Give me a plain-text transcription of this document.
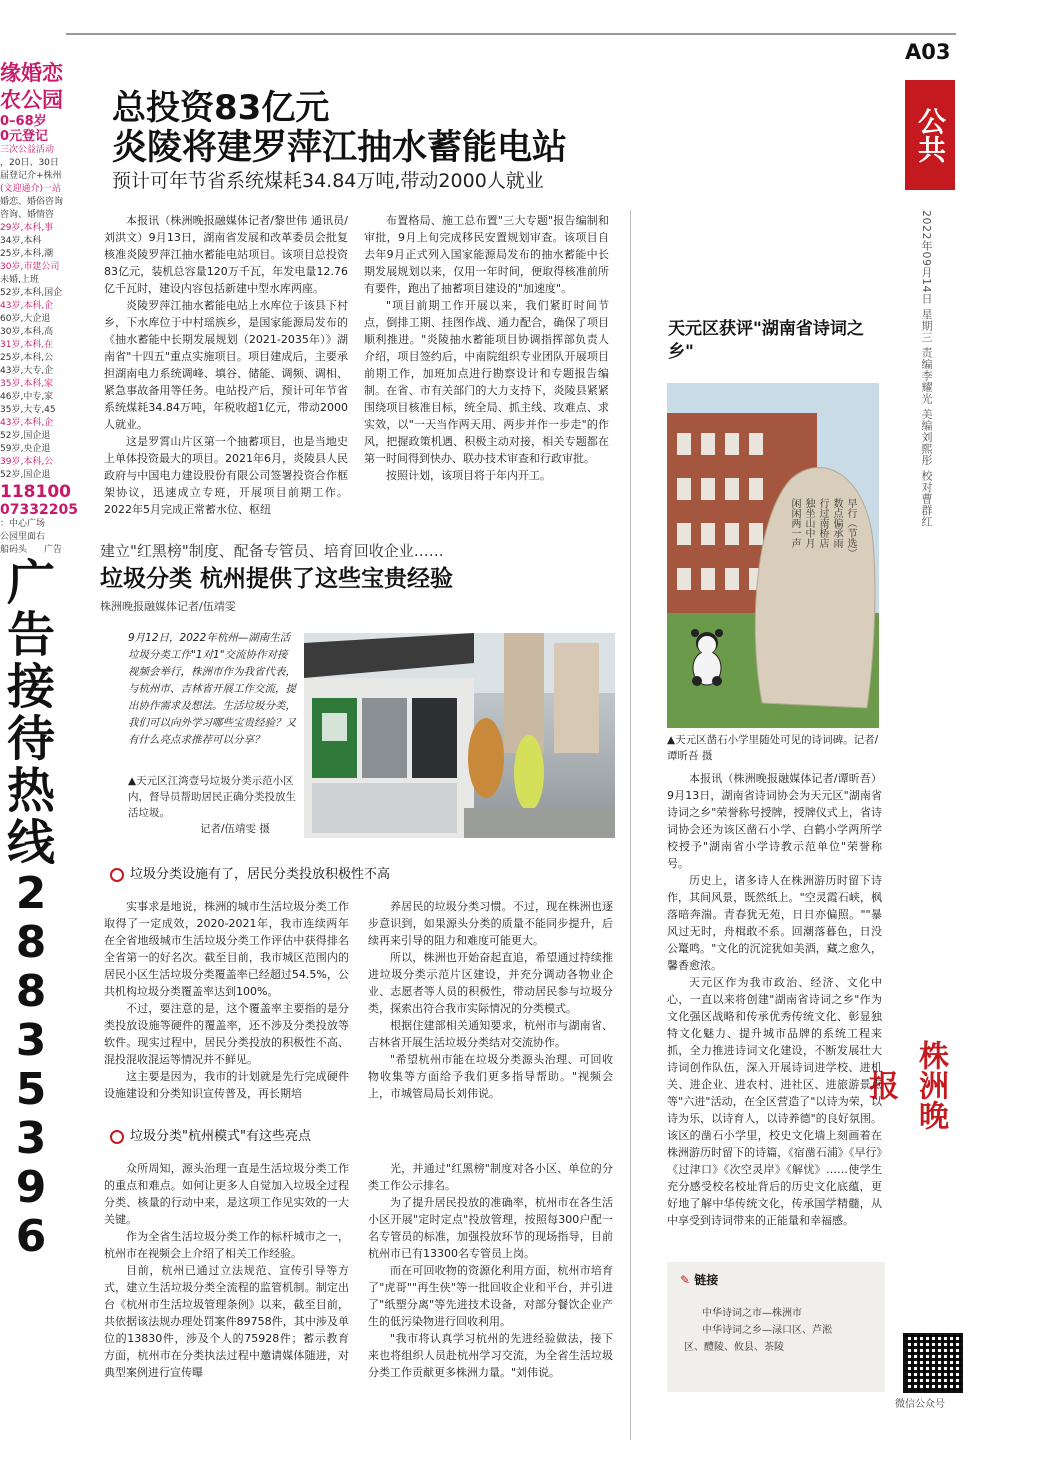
缘婚恋
农公园
0–68岁
0元登记
三次公益活动
，20日、30日
届登记介+株州
(文迎通介)一站
婚恋、婚俗咨询
咨询、婚情咨
29岁,本科,事
34岁,本科
25岁,本科,潮
30岁,市建公司
未婚,上班
52岁,本科,国企
43岁,本科,企
60岁,大企退
30岁,本科,高
31岁,本科,在
25岁,本科,公
43岁,大专,企
35岁,本科,家
46岁,中专,家
35岁,大专,45
43岁,本科,企
52岁,国企退
59岁,央企退
39岁,本科,公
52岁,国企退
118100
07332205
：中心广场
公园里面右
船码头 广告
广
告
接
待
热
线
2
8
8
3
5
3
9
6
A03
公共
2022年09月14日 星期三 责编李耀光 美编刘熙彤 校对曹群红
株洲晚报
微信公众号
总投资83亿元
炎陵将建罗萍江抽水蓄能电站
预计可年节省系统煤耗34.84万吨,带动2000人就业

本报讯（株洲晚报融媒体记者/黎世伟 通讯员/刘洪文）9月13日，湖南省发展和改革委员会批复核准炎陵罗萍江抽水蓄能电站项目。该项目总投资83亿元，装机总容量120万千瓦，年发电量12.76亿千瓦时，建设内容包括新建中型水库两座。

炎陵罗萍江抽水蓄能电站上水库位于该县下村乡，下水库位于中村瑶族乡，是国家能源局发布的《抽水蓄能中长期发展规划（2021-2035年）》湖南省"十四五"重点实施项目。项目建成后，主要承担湖南电力系统调峰、填谷、储能、调频、调相、紧急事故备用等任务。电站投产后，预计可年节省系统煤耗34.84万吨，年税收超1亿元，带动2000人就业。

这是罗霄山片区第一个抽蓄项目，也是当地史上单体投资最大的项目。2021年6月，炎陵县人民政府与中国电力建设股份有限公司签署投资合作框架协议，迅速成立专班，开展项目前期工作。2022年5月完成正常蓄水位、枢纽

布置格局、施工总布置"三大专题"报告编制和审批，9月上旬完成移民安置规划审查。该项目自去年9月正式列入国家能源局发布的抽水蓄能中长期发展规划以来，仅用一年时间，便取得核准前所有要件，跑出了抽蓄项目建设的"加速度"。

"项目前期工作开展以来，我们紧盯时间节点，倒排工期、挂图作战、通力配合，确保了项目顺利推进。"炎陵抽水蓄能项目协调指挥部负责人介绍，项目签约后，中南院组织专业团队开展项目前期工作，加班加点进行勘察设计和专题报告编制。在省、市有关部门的大力支持下，炎陵县紧紧围绕项目核准目标，统全局、抓主线、攻难点、求实效，以"一天当作两天用、两步并作一步走"的作风，把握政策机遇、积极主动对接，相关专题都在第一时间得到快办、联办技术审查和行政审批。

按照计划，该项目将于年内开工。

建立"红黑榜"制度、配备专管员、培育回收企业……
垃圾分类 杭州提供了这些宝贵经验
株洲晚报融媒体记者/伍靖雯
9月12日，2022年杭州—湖南生活垃圾分类工作"1对1"交流协作对接视频会举行，株洲市作为我省代表，与杭州市、吉林省开展工作交流，提出协作需求及想法。生活垃圾分类，我们可以向外学习哪些宝贵经验？又有什么亮点求推荐可以分享？
▲天元区江湾壹号垃圾分类示范小区内，督导员帮助居民正确分类投放生活垃圾。
记者/伍靖雯 摄
垃圾分类设施有了，居民分类投放积极性不高

实事求是地说，株洲的城市生活垃圾分类工作取得了一定成效，2020-2021年，我市连续两年在全省地级城市生活垃圾分类工作评估中获得排名全省第一的好名次。截至目前，我市城区范围内的居民小区生活垃圾分类覆盖率已经超过54.5%，公共机构垃圾分类覆盖率达到100%。

不过，要注意的是，这个覆盖率主要指的是分类投放设施等硬件的覆盖率，还不涉及分类投放等软件。现实过程中，居民分类投放的积极性不高、混投混收混运等情况并不鲜见。

这主要是因为，我市的计划就是先行完成硬件设施建设和分类知识宣传普及，再长期培

养居民的垃圾分类习惯。不过，现在株洲也逐步意识到，如果源头分类的质量不能同步提升，后续再来引导的阻力和难度可能更大。

所以，株洲也开始奋起直追，希望通过持续推进垃圾分类示范片区建设，并充分调动各物业企业、志愿者等人员的积极性，带动居民参与垃圾分类，探索出符合我市实际情况的分类模式。

根据住建部相关通知要求，杭州市与湖南省、吉林省开展生活垃圾分类结对交流协作。

"希望杭州市能在垃圾分类源头治理、可回收物收集等方面给予我们更多指导帮助。"视频会上，市城管局局长刘伟说。

垃圾分类"杭州模式"有这些亮点

众所周知，源头治理一直是生活垃圾分类工作的重点和难点。如何让更多人自觉加入垃圾全过程分类、核量的行动中来，是这项工作见实效的一大关键。

作为全省生活垃圾分类工作的标杆城市之一，杭州市在视频会上介绍了相关工作经验。

目前，杭州已通过立法规范、宣传引导等方式，建立生活垃圾分类全流程的监管机制。制定出台《杭州市生活垃圾管理条例》以来，截至目前，共依据该法规办理处罚案件89758件，其中涉及单位的13830件，涉及个人的75928件；蓄示教育方面，杭州市在分类执法过程中邀请媒体随进，对典型案例进行宣传曝

光，并通过"红黑榜"制度对各小区、单位的分类工作公示排名。

为了提升居民投放的准确率，杭州市在各生活小区开展"定时定点"投放管理，按照每300户配一名专管员的标准，加强投放环节的现场指导，目前杭州市已有13300名专管员上岗。

而在可回收物的资源化利用方面，杭州市培育了"虎哥""再生侠"等一批回收企业和平台，并引进了"纸塑分离"等先进技术设备，对部分餐饮企业产生的低污染物进行回收利用。

"我市将认真学习杭州的先进经验做法，接下来也将组织人员赴杭州学习交流，为全省生活垃圾分类工作贡献更多株洲力量。"刘伟说。

天元区获评"湖南省诗词之乡"
早行（节选）
数点偏承雨
行过南桥店
独坐山中月
闲闲两一声
▲天元区凿石小学里随处可见的诗词碑。记者/谭昕吾 摄

本报讯（株洲晚报融媒体记者/谭昕吾）9月13日，湖南省诗词协会为天元区"湖南省诗词之乡"荣誉称号授牌，授牌仪式上，省诗词协会还为该区凿石小学、白鹤小学两所学校授予"湖南省小学诗教示范单位"荣誉称号。

历史上，诸多诗人在株洲游历时留下诗作，其间风景，既然纸上。"空灵霞石峡，枫落暗奔湍。青春犹无苑，日日亦偏照。""暴风过无时，舟楫敢不系。回潮落暮色，日没公鼍鸣。"文化的沉淀犹如美酒，藏之愈久，馨香愈浓。

天元区作为我市政治、经济、文化中心，一直以来将创建"湖南省诗词之乡"作为文化强区战略和传承优秀传统文化、彰显独特文化魅力、提升城市品牌的系统工程来抓，全力推进诗词文化建设，不断发展壮大诗词创作队伍，深入开展诗词进学校、进机关、进企业、进农村、进社区、进旅游景点等"六进"活动，在全区营造了"以诗为荣，以诗为乐，以诗育人，以诗养德"的良好氛围。该区的凿石小学里，校史文化墙上刻画着在株洲游历时留下的诗篇，《宿凿石浦》《早行》《过津口》《次空灵岸》《解忧》……使学生充分感受校名校址背后的历史文化底蕴，更好地了解中华传统文化，传承国学精髓，从中享受到诗词带来的正能量和幸福感。

✎ 链接
中华诗词之市—株洲市
中华诗词之乡—渌口区、芦淞
区、醴陵、攸县、茶陵
